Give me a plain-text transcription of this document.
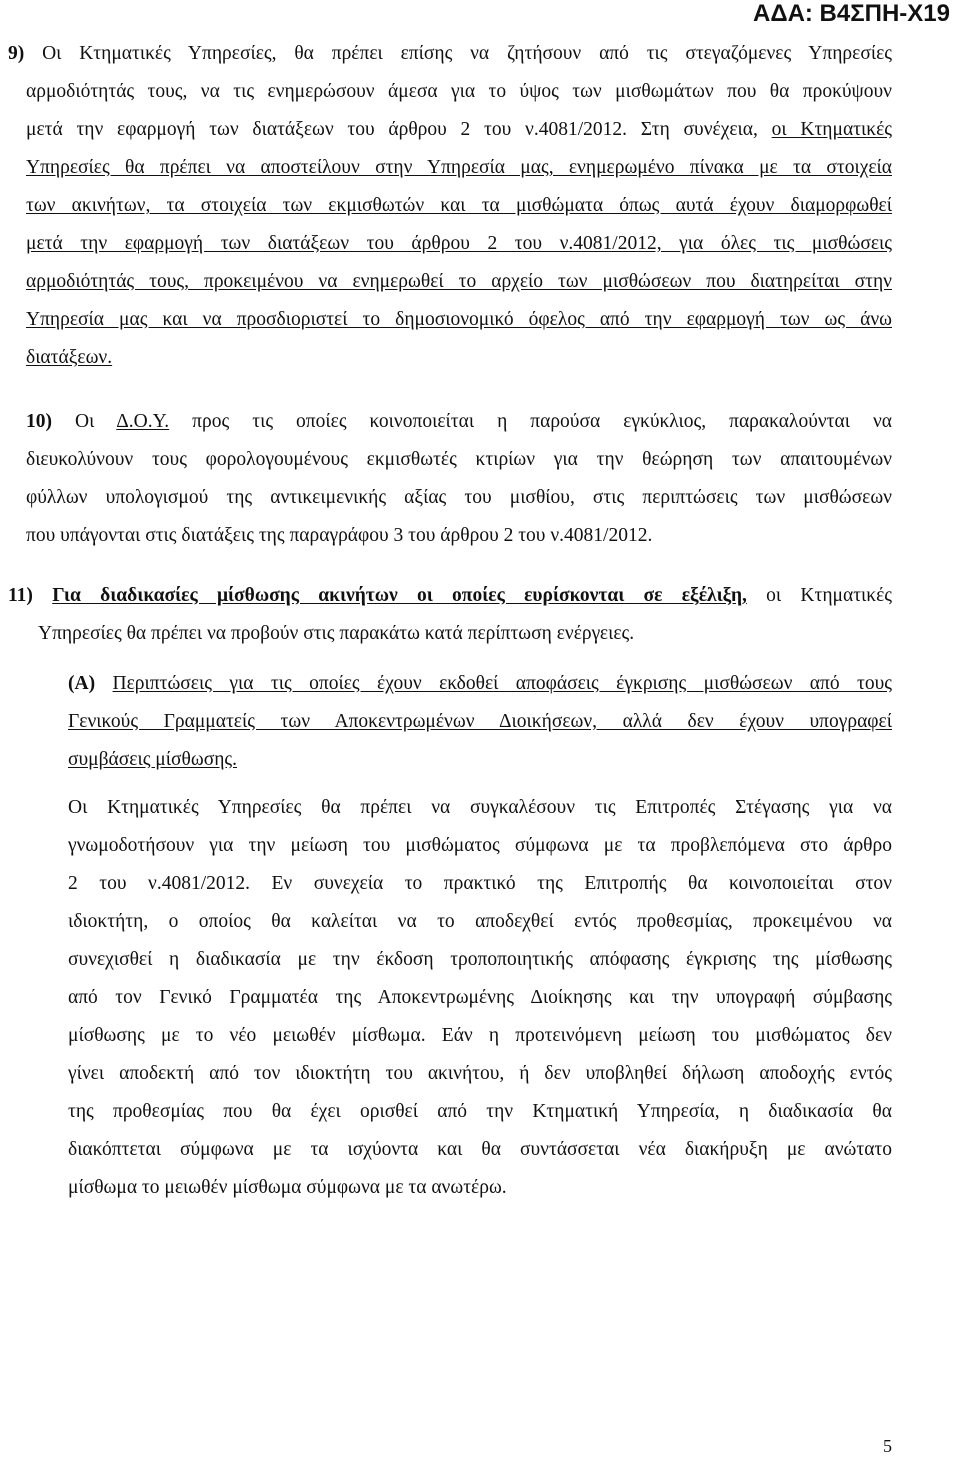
ΑΔΑ: Β4ΣΠΗ-Χ19
9) Οι Κτηματικές Υπηρεσίες, θα πρέπει επίσης να ζητήσουν από τις στεγαζόμενες Υπηρεσίες
αρμοδιότητάς τους, να τις ενημερώσουν άμεσα για το ύψος των μισθωμάτων που θα προκύψουν
μετά την εφαρμογή των διατάξεων του άρθρου 2 του ν.4081/2012. Στη συνέχεια, οι Κτηματικές
Υπηρεσίες θα πρέπει να αποστείλουν στην Υπηρεσία μας, ενημερωμένο πίνακα με τα στοιχεία
των ακινήτων, τα στοιχεία των εκμισθωτών και τα μισθώματα όπως αυτά έχουν διαμορφωθεί
μετά την εφαρμογή των διατάξεων του άρθρου 2 του ν.4081/2012, για όλες τις μισθώσεις
αρμοδιότητάς τους, προκειμένου να ενημερωθεί το αρχείο των μισθώσεων που διατηρείται στην
Υπηρεσία μας και να προσδιοριστεί το δημοσιονομικό όφελος από την εφαρμογή των ως άνω
διατάξεων.
10) Οι Δ.Ο.Υ. προς τις οποίες κοινοποιείται η παρούσα εγκύκλιος, παρακαλούνται να
διευκολύνουν τους φορολογουμένους εκμισθωτές κτιρίων για την θεώρηση των απαιτουμένων
φύλλων υπολογισμού της αντικειμενικής αξίας του μισθίου, στις περιπτώσεις των μισθώσεων
που υπάγονται στις διατάξεις της παραγράφου 3 του άρθρου 2 του ν.4081/2012.
11) Για διαδικασίες μίσθωσης ακινήτων οι οποίες ευρίσκονται σε εξέλιξη, οι Κτηματικές
Υπηρεσίες θα πρέπει να προβούν στις παρακάτω κατά περίπτωση ενέργειες.
(Α) Περιπτώσεις για τις οποίες έχουν εκδοθεί αποφάσεις έγκρισης μισθώσεων από τους
Γενικούς Γραμματείς των Αποκεντρωμένων Διοικήσεων, αλλά δεν έχουν υπογραφεί
συμβάσεις μίσθωσης.
Οι Κτηματικές Υπηρεσίες θα πρέπει να συγκαλέσουν τις Επιτροπές Στέγασης για να
γνωμοδοτήσουν για την μείωση του μισθώματος σύμφωνα με τα προβλεπόμενα στο άρθρο
2 του ν.4081/2012. Εν συνεχεία το πρακτικό της Επιτροπής θα κοινοποιείται στον
ιδιοκτήτη, ο οποίος θα καλείται να το αποδεχθεί εντός προθεσμίας, προκειμένου να
συνεχισθεί η διαδικασία με την έκδοση τροποποιητικής απόφασης έγκρισης της μίσθωσης
από τον Γενικό Γραμματέα της Αποκεντρωμένης Διοίκησης και την υπογραφή σύμβασης
μίσθωσης με το νέο μειωθέν μίσθωμα. Εάν η προτεινόμενη μείωση του μισθώματος δεν
γίνει αποδεκτή από τον ιδιοκτήτη του ακινήτου, ή δεν υποβληθεί δήλωση αποδοχής εντός
της προθεσμίας που θα έχει ορισθεί από την Κτηματική Υπηρεσία, η διαδικασία θα
διακόπτεται σύμφωνα με τα ισχύοντα και θα συντάσσεται νέα διακήρυξη με ανώτατο
μίσθωμα το μειωθέν μίσθωμα σύμφωνα με τα ανωτέρω.
5
